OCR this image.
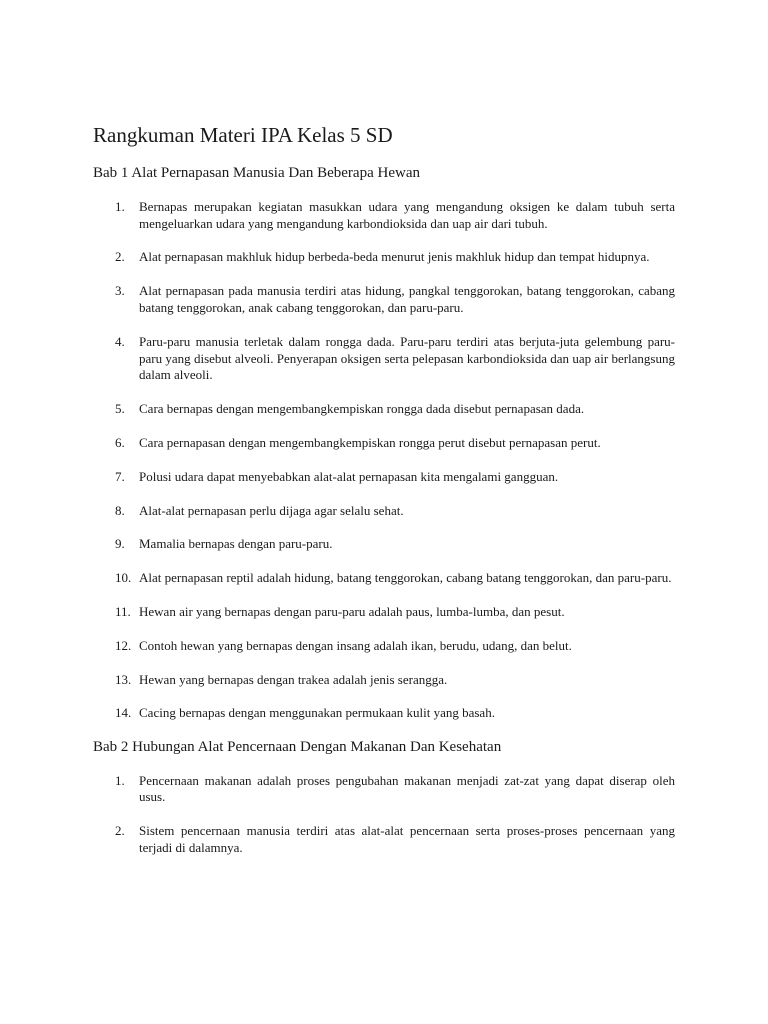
Rangkuman Materi IPA Kelas 5 SD
Bab 1 Alat Pernapasan Manusia Dan Beberapa Hewan
1. Bernapas merupakan kegiatan masukkan udara yang mengandung oksigen ke dalam tubuh serta mengeluarkan udara yang mengandung karbondioksida dan uap air dari tubuh.
2. Alat pernapasan makhluk hidup berbeda-beda menurut jenis makhluk hidup dan tempat hidupnya.
3. Alat pernapasan pada manusia terdiri atas hidung, pangkal tenggorokan, batang tenggorokan, cabang batang tenggorokan, anak cabang tenggorokan, dan paru-paru.
4. Paru-paru manusia terletak dalam rongga dada. Paru-paru terdiri atas berjuta-juta gelembung paru-paru yang disebut alveoli. Penyerapan oksigen serta pelepasan karbondioksida dan uap air berlangsung dalam alveoli.
5. Cara bernapas dengan mengembangkempiskan rongga dada disebut pernapasan dada.
6. Cara pernapasan dengan mengembangkempiskan rongga perut disebut pernapasan perut.
7. Polusi udara dapat menyebabkan alat-alat pernapasan kita mengalami gangguan.
8. Alat-alat pernapasan perlu dijaga agar selalu sehat.
9. Mamalia bernapas dengan paru-paru.
10. Alat pernapasan reptil adalah hidung, batang tenggorokan, cabang batang tenggorokan, dan paru-paru.
11. Hewan air yang bernapas dengan paru-paru adalah paus, lumba-lumba, dan pesut.
12. Contoh hewan yang bernapas dengan insang adalah ikan, berudu, udang, dan belut.
13. Hewan yang bernapas dengan trakea adalah jenis serangga.
14. Cacing bernapas dengan menggunakan permukaan kulit yang basah.
Bab 2 Hubungan Alat Pencernaan Dengan Makanan Dan Kesehatan
1. Pencernaan makanan adalah proses pengubahan makanan menjadi zat-zat yang dapat diserap oleh usus.
2. Sistem pencernaan manusia terdiri atas alat-alat pencernaan serta proses-proses pencernaan yang terjadi di dalamnya.
